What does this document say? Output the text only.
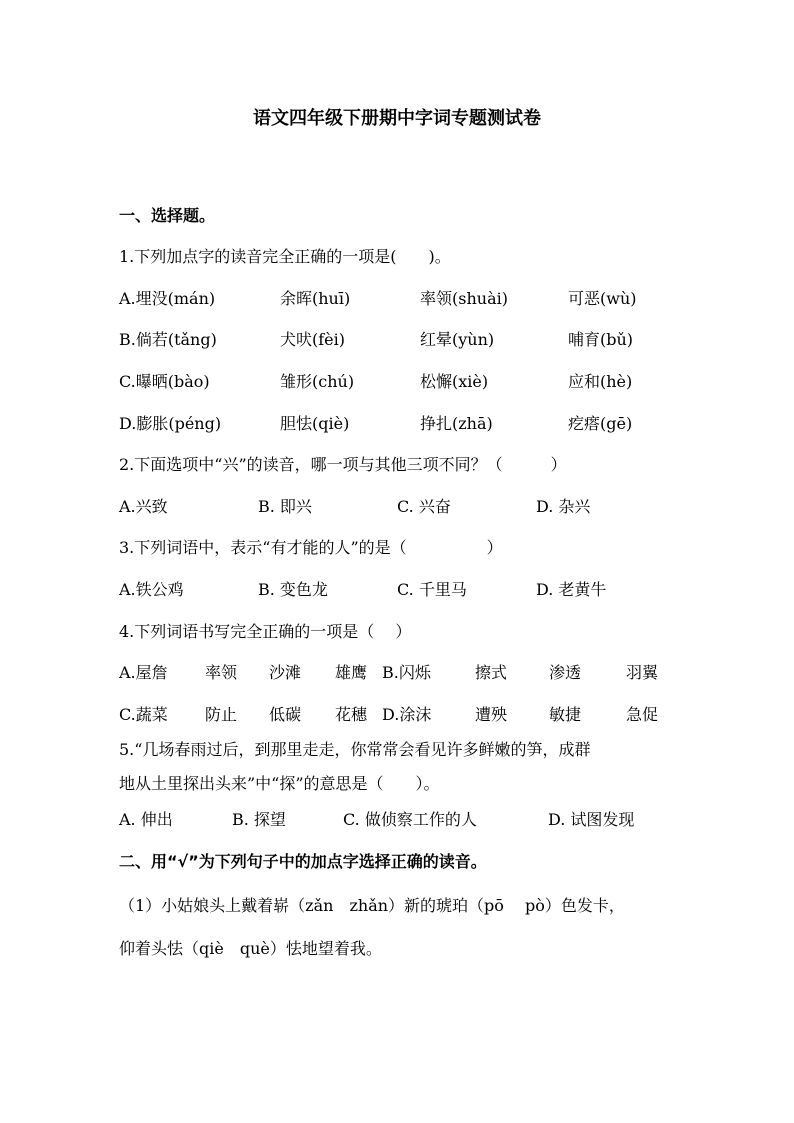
语文四年级下册期中字词专题测试卷
一、选择题。
1.下列加点字的读音完全正确的一项是(　　)。
A.埋没(mán)	余晖(huī)	率领(shuài)	可恶(wù)
B.倘若(tǎng)	犬吠(fèi)	红晕(yùn)	哺育(bǔ)
C.曝晒(bào)	雏形(chú)	松懈(xiè)	应和(hè)
D.膨胀(péng)	胆怯(qiè)	挣扎(zhā)	疙瘩(gē)
2.下面选项中“兴”的读音，哪一项与其他三项不同？（　　　）
A.兴致	B. 即兴	C. 兴奋	D. 杂兴
3.下列词语中，表示“有才能的人”的是（　　　　　）
A.铁公鸡	B. 变色龙	C. 千里马	D. 老黄牛
4.下列词语书写完全正确的一项是（　 ）
A.屋詹 率领 沙滩 雄鹰 B.闪烁	擦式	渗透	羽翼
C.蔬菜 防止 低碳 花穗 D.涂沫	遭殃	敏捷	急促
5.“几场春雨过后，到那里走走，你常常会看见许多鲜嫩的笋，成群
地从土里探出头来”中“探”的意思是（　　）。
A. 伸出	B. 探望	C. 做侦察工作的人	D. 试图发现
二、用“√”为下列句子中的加点字选择正确的读音。
（1）小姑娘头上戴着崭（zǎn　zhǎn）新的琥珀（pō　 pò）色发卡，
仰着头怯（qiè　què）怯地望着我。
